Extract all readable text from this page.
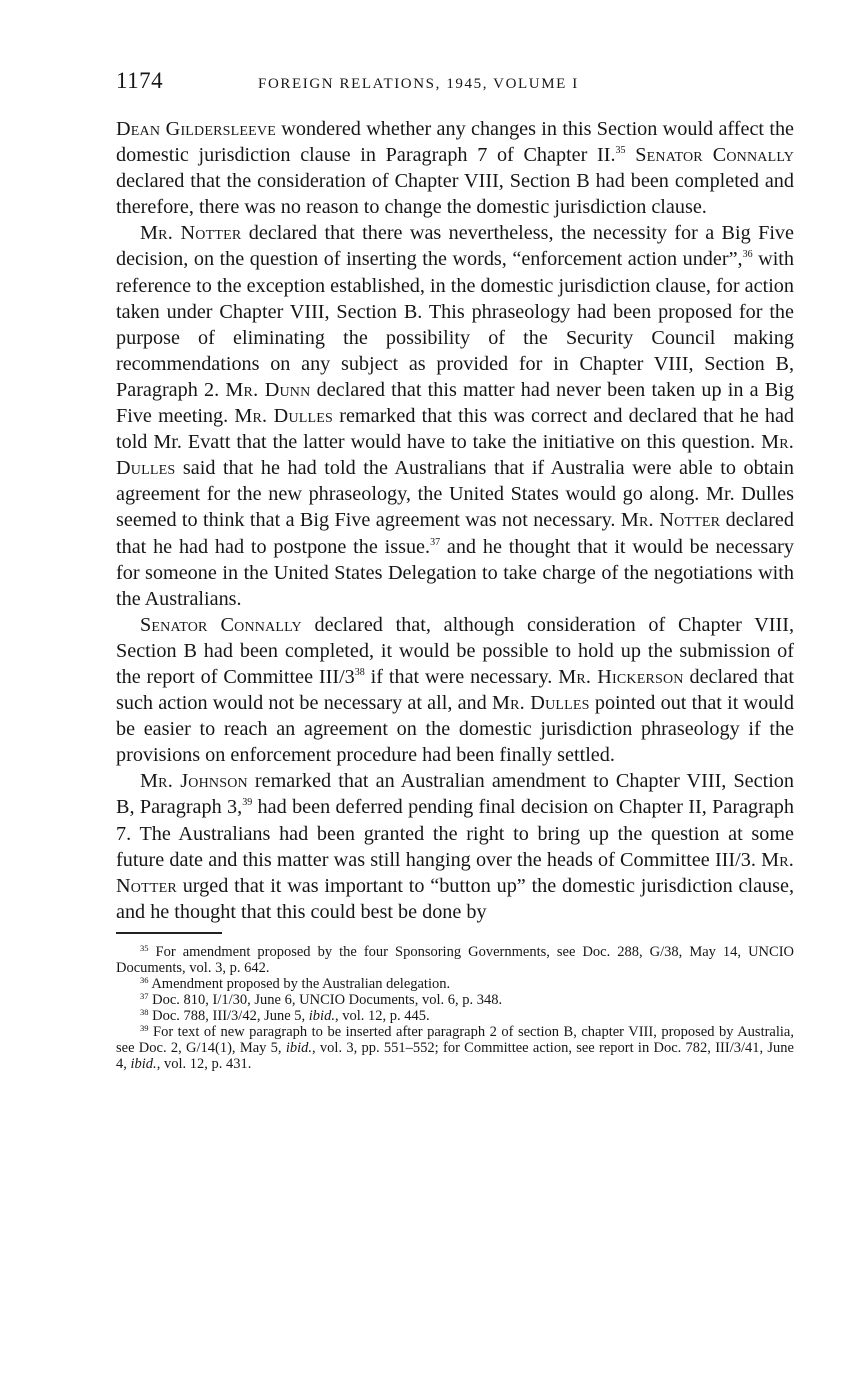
1174	FOREIGN RELATIONS, 1945, VOLUME I

Dean Gildersleeve wondered whether any changes in this Section would affect the domestic jurisdiction clause in Paragraph 7 of Chapter II.$^{35}$ Senator Connally declared that the consideration of Chapter VIII, Section B had been completed and therefore, there was no reason to change the domestic jurisdiction clause.

Mr. Notter declared that there was nevertheless, the necessity for a Big Five decision, on the question of inserting the words, “enforcement action under”,$^{36}$ with reference to the exception established, in the domestic jurisdiction clause, for action taken under Chapter VIII, Section B. This phraseology had been proposed for the purpose of eliminating the possibility of the Security Council making recommendations on any subject as provided for in Chapter VIII, Section B, Paragraph 2. Mr. Dunn declared that this matter had never been taken up in a Big Five meeting. Mr. Dulles remarked that this was correct and declared that he had told Mr. Evatt that the latter would have to take the initiative on this question. Mr. Dulles said that he had told the Australians that if Australia were able to obtain agreement for the new phraseology, the United States would go along. Mr. Dulles seemed to think that a Big Five agreement was not necessary. Mr. Notter declared that he had had to postpone the issue.$^{37}$ and he thought that it would be necessary for someone in the United States Delegation to take charge of the negotiations with the Australians.

Senator Connally declared that, although consideration of Chapter VIII, Section B had been completed, it would be possible to hold up the submission of the report of Committee III/$3^{38}$ if that were necessary. Mr. Hickerson declared that such action would not be necessary at all, and Mr. Dulles pointed out that it would be easier to reach an agreement on the domestic jurisdiction phraseology if the provisions on enforcement procedure had been finally settled.

Mr. Johnson remarked that an Australian amendment to Chapter VIII, Section B, Paragraph 3,39 had been deferred pending final decision on Chapter II, Paragraph 7. The Australians had been granted the right to bring up the question at some future date and this matter was still hanging over the heads of Committee III/3. Mr. Notter urged that it was important to “button up” the domestic jurisdiction clause, and he thought that this could best be done by

$^{35}$ For amendment proposed by the four Sponsoring Governments, see Doc. 288, G/38, May 14, UNCIO Documents, vol. 3, p. 642.

$^{36}$ Amendment proposed by the Australian delegation.

$^{37}$ Doc. 810, I/1/30, June 6, UNCIO Documents, vol. 6, p. 348.

$^{38}$ Doc. 788, III/3/42, June 5, ibid., vol. 12, p. 445.

$^{39}$ For text of new paragraph to be inserted after paragraph 2 of section B, chapter VIII, proposed by Australia, see Doc. 2, G/14(1), May 5, ibid., vol. 3, pp. 551–552; for Committee action, see report in Doc. 782, III/3/41, June 4, ibid., vol. 12, p. 431.
